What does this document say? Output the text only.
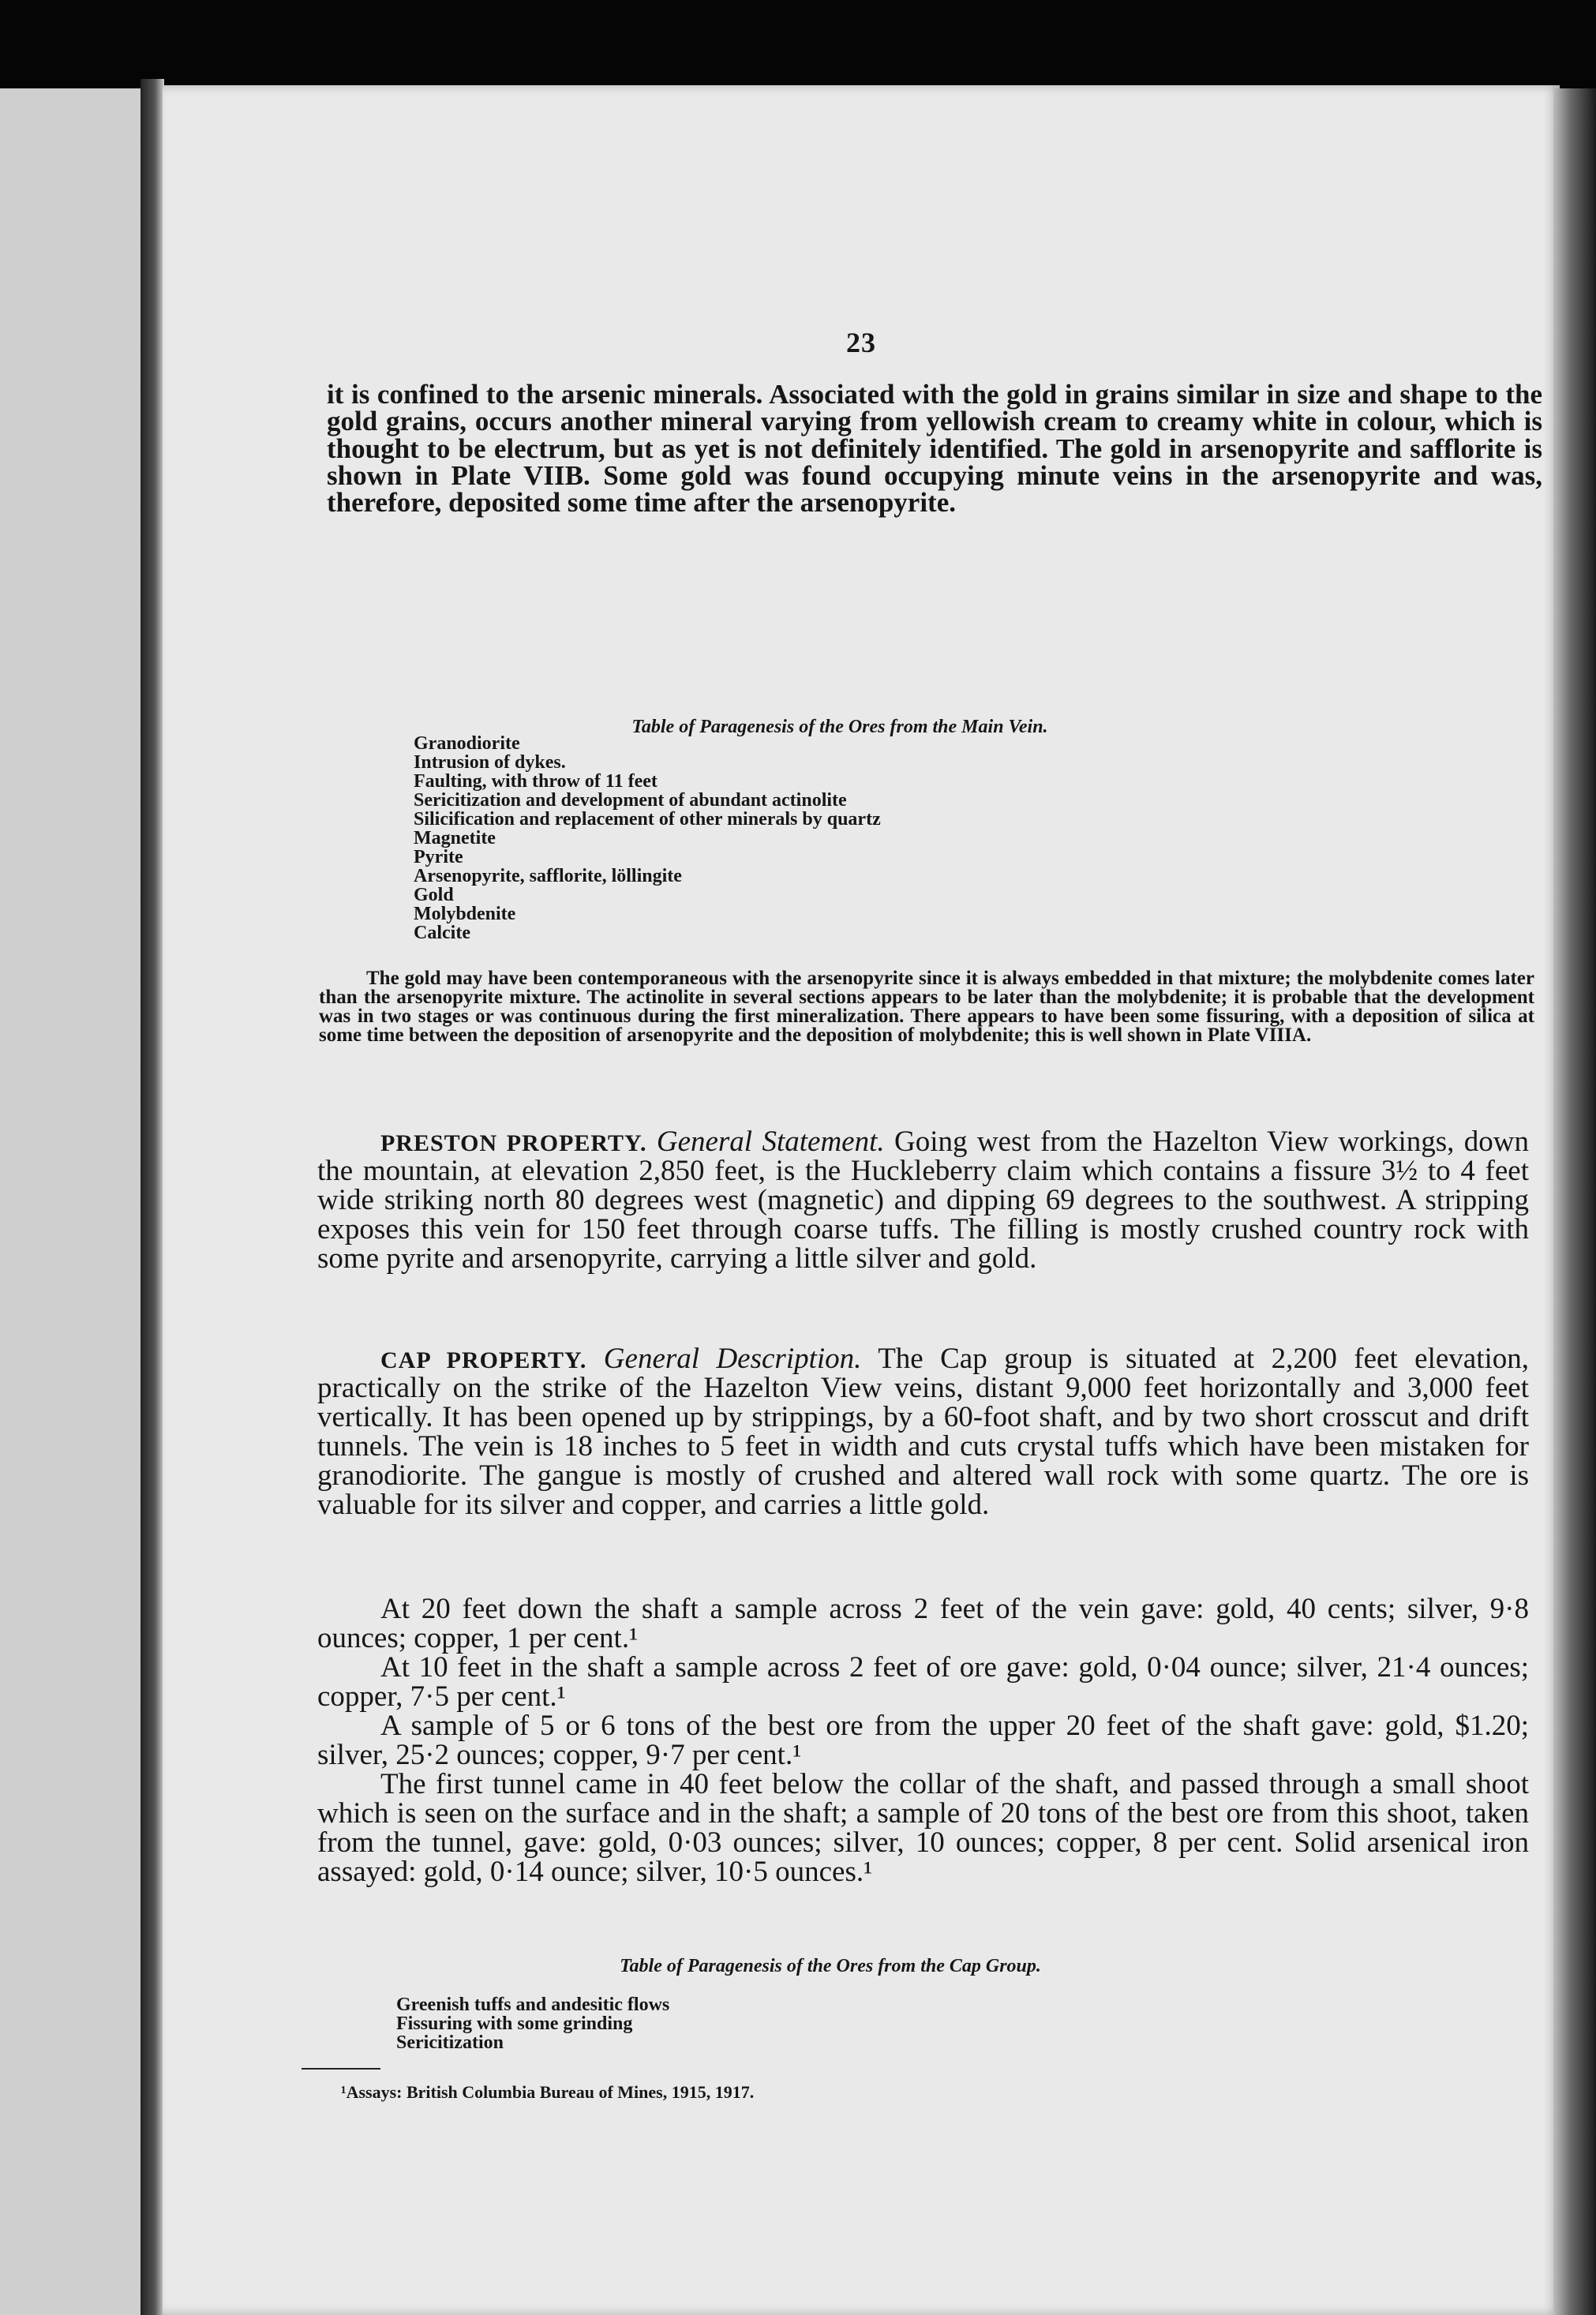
23

it is confined to the arsenic minerals. Associated with the gold in grains similar in size and shape to the gold grains, occurs another mineral varying from yellowish cream to creamy white in colour, which is thought to be electrum, but as yet is not definitely identified. The gold in arsenopyrite and safflorite is shown in Plate VIIB. Some gold was found occupying minute veins in the arsenopyrite and was, therefore, deposited some time after the arsenopyrite.

Table of Paragenesis of the Ores from the Main Vein.
Granodiorite
Intrusion of dykes.
Faulting, with throw of 11 feet
Sericitization and development of abundant actinolite
Silicification and replacement of other minerals by quartz
Magnetite
Pyrite
Arsenopyrite, safflorite, löllingite
Gold
Molybdenite
Calcite

The gold may have been contemporaneous with the arsenopyrite since it is always embedded in that mixture; the molybdenite comes later than the arsenopyrite mixture. The actinolite in several sections appears to be later than the molybdenite; it is probable that the development was in two stages or was continuous during the first mineralization. There appears to have been some fissuring, with a deposition of silica at some time between the deposition of arsenopyrite and the deposition of molybdenite; this is well shown in Plate VIIIA.

PRESTON PROPERTY. General Statement. Going west from the Hazelton View workings, down the mountain, at elevation 2,850 feet, is the Huckleberry claim which contains a fissure 3½ to 4 feet wide striking north 80 degrees west (magnetic) and dipping 69 degrees to the southwest. A stripping exposes this vein for 150 feet through coarse tuffs. The filling is mostly crushed country rock with some pyrite and arsenopyrite, carrying a little silver and gold.

CAP PROPERTY. General Description. The Cap group is situated at 2,200 feet elevation, practically on the strike of the Hazelton View veins, distant 9,000 feet horizontally and 3,000 feet vertically. It has been opened up by strippings, by a 60-foot shaft, and by two short crosscut and drift tunnels. The vein is 18 inches to 5 feet in width and cuts crystal tuffs which have been mistaken for granodiorite. The gangue is mostly of crushed and altered wall rock with some quartz. The ore is valuable for its silver and copper, and carries a little gold.

At 20 feet down the shaft a sample across 2 feet of the vein gave: gold, 40 cents; silver, 9·8 ounces; copper, 1 per cent.¹

At 10 feet in the shaft a sample across 2 feet of ore gave: gold, 0·04 ounce; silver, 21·4 ounces; copper, 7·5 per cent.¹

A sample of 5 or 6 tons of the best ore from the upper 20 feet of the shaft gave: gold, $1.20; silver, 25·2 ounces; copper, 9·7 per cent.¹

The first tunnel came in 40 feet below the collar of the shaft, and passed through a small shoot which is seen on the surface and in the shaft; a sample of 20 tons of the best ore from this shoot, taken from the tunnel, gave: gold, 0·03 ounces; silver, 10 ounces; copper, 8 per cent. Solid arsenical iron assayed: gold, 0·14 ounce; silver, 10·5 ounces.¹

Table of Paragenesis of the Ores from the Cap Group.
Greenish tuffs and andesitic flows
Fissuring with some grinding
Sericitization
¹Assays: British Columbia Bureau of Mines, 1915, 1917.
